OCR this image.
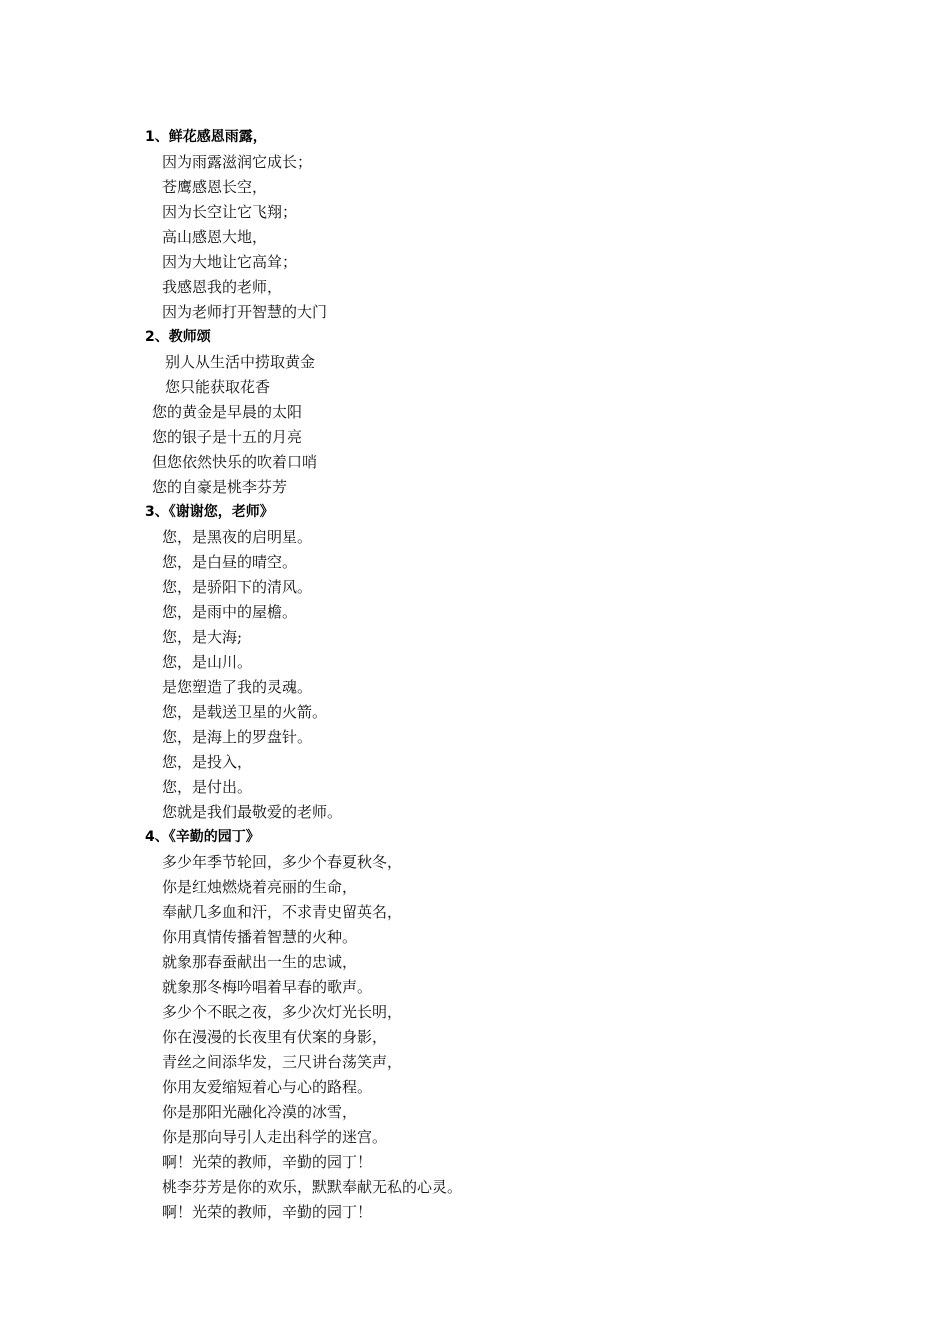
1、鲜花感恩雨露，
因为雨露滋润它成长；
苍鹰感恩长空，
因为长空让它飞翔；
高山感恩大地，
因为大地让它高耸；
我感恩我的老师，
因为老师打开智慧的大门
2、教师颂
别人从生活中捞取黄金
您只能获取花香
您的黄金是早晨的太阳
您的银子是十五的月亮
但您依然快乐的吹着口哨
您的自豪是桃李芬芳
3、《谢谢您，老师》
您，是黑夜的启明星。
您，是白昼的晴空。
您，是骄阳下的清风。
您，是雨中的屋檐。
您，是大海;
您，是山川。
是您塑造了我的灵魂。
您，是载送卫星的火箭。
您，是海上的罗盘针。
您，是投入，
您，是付出。
您就是我们最敬爱的老师。
4、《辛勤的园丁》
多少年季节轮回，多少个春夏秋冬，
你是红烛燃烧着亮丽的生命，
奉献几多血和汗，不求青史留英名，
你用真情传播着智慧的火种。
就象那春蚕献出一生的忠诚，
就象那冬梅吟唱着早春的歌声。
多少个不眠之夜，多少次灯光长明，
你在漫漫的长夜里有伏案的身影，
青丝之间添华发，三尺讲台荡笑声，
你用友爱缩短着心与心的路程。
你是那阳光融化冷漠的冰雪，
你是那向导引人走出科学的迷宫。
啊！光荣的教师，辛勤的园丁！
桃李芬芳是你的欢乐，默默奉献无私的心灵。
啊！光荣的教师，辛勤的园丁！
